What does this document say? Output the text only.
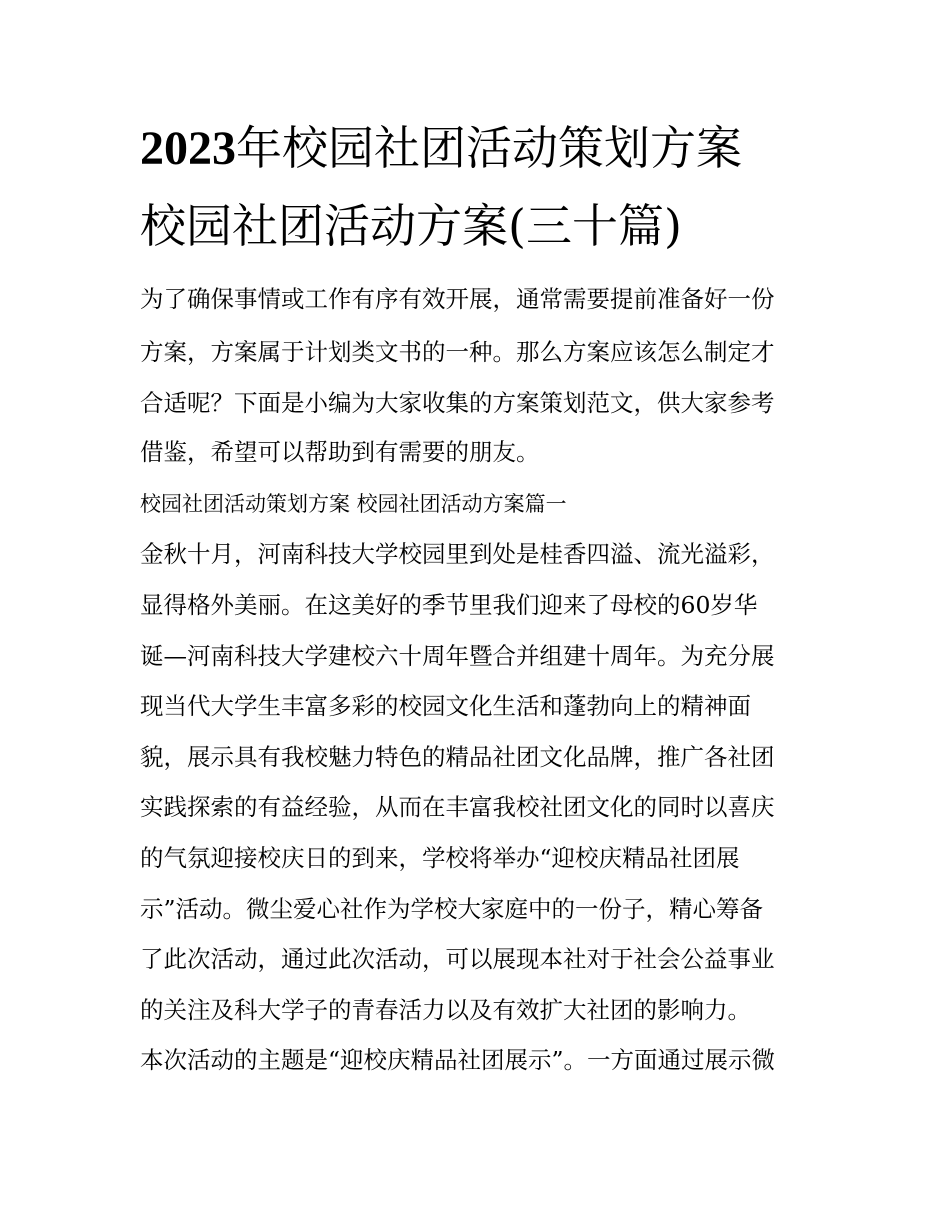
2023年校园社团活动策划方案
校园社团活动方案(三十篇)
为了确保事情或工作有序有效开展，通常需要提前准备好一份
方案，方案属于计划类文书的一种。那么方案应该怎么制定才
合适呢？下面是小编为大家收集的方案策划范文，供大家参考
借鉴，希望可以帮助到有需要的朋友。
校园社团活动策划方案 校园社团活动方案篇一
金秋十月，河南科技大学校园里到处是桂香四溢、流光溢彩，
显得格外美丽。在这美好的季节里我们迎来了母校的60岁华
诞—河南科技大学建校六十周年暨合并组建十周年。为充分展
现当代大学生丰富多彩的校园文化生活和蓬勃向上的精神面
貌，展示具有我校魅力特色的精品社团文化品牌，推广各社团
实践探索的有益经验，从而在丰富我校社团文化的同时以喜庆
的气氛迎接校庆日的到来，学校将举办“迎校庆精品社团展
示”活动。微尘爱心社作为学校大家庭中的一份子，精心筹备
了此次活动，通过此次活动，可以展现本社对于社会公益事业
的关注及科大学子的青春活力以及有效扩大社团的影响力。
本次活动的主题是“迎校庆精品社团展示”。一方面通过展示微
